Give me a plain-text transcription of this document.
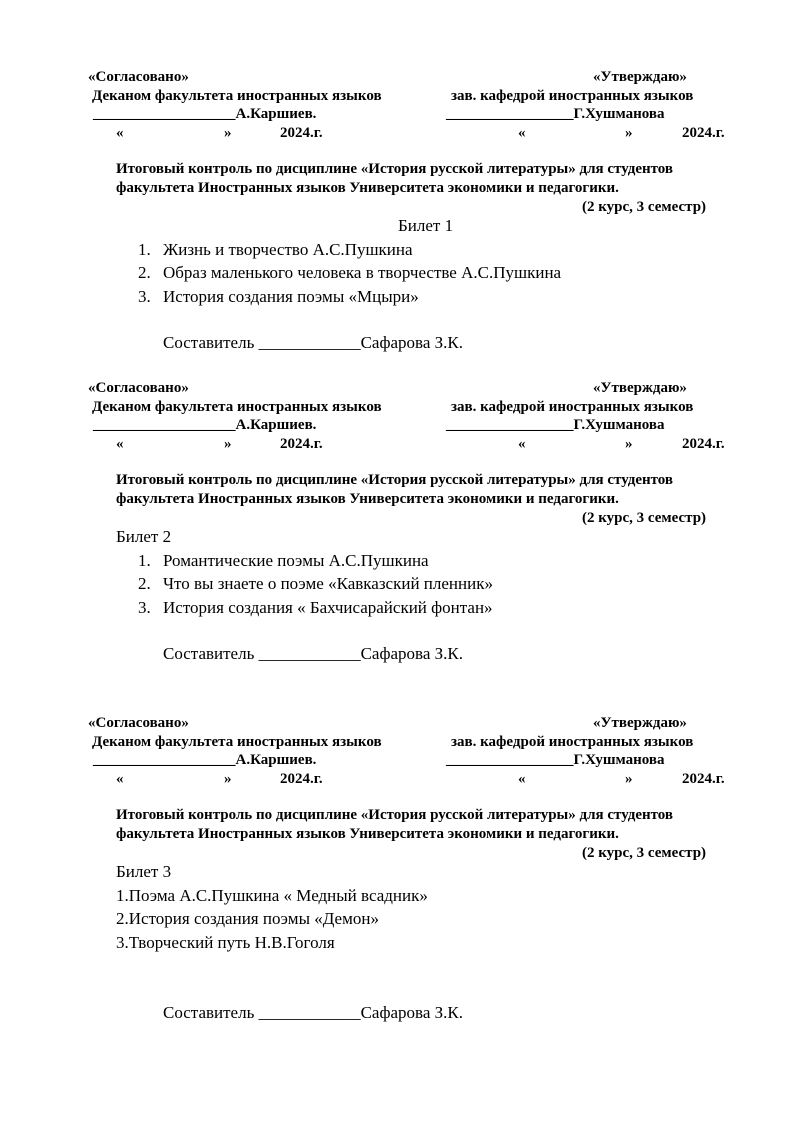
«Согласовано»	«Утверждаю»
Деканом факультета иностранных языков	зав. кафедрой иностранных языков
___________________А.Каршиев.	_________________Г.Хушманова
«	»	2024.г.	«	»	2024.г.
Итоговый контроль по дисциплине «История русской литературы» для студентов
факультета Иностранных языков Университета экономики и педагогики.
(2 курс, 3 семестр)
Билет 1
1. Жизнь и творчество А.С.Пушкина
2. Образ маленького человека в творчестве А.С.Пушкина
3. История создания поэмы «Мцыри»
Составитель ____________Сафарова З.К.
«Согласовано»	«Утверждаю»
Деканом факультета иностранных языков	зав. кафедрой иностранных языков
___________________А.Каршиев.	_________________Г.Хушманова
«	»	2024.г.	«	»	2024.г.
Итоговый контроль по дисциплине «История русской литературы» для студентов
факультета Иностранных языков Университета экономики и педагогики.
(2 курс, 3 семестр)
Билет 2
1. Романтические поэмы А.С.Пушкина
2. Что вы знаете о поэме «Кавказский пленник»
3. История создания « Бахчисарайский фонтан»
Составитель ____________Сафарова З.К.
«Согласовано»	«Утверждаю»
Деканом факультета иностранных языков	зав. кафедрой иностранных языков
___________________А.Каршиев.	_________________Г.Хушманова
«	»	2024.г.	«	»	2024.г.
Итоговый контроль по дисциплине «История русской литературы» для студентов
факультета Иностранных языков Университета экономики и педагогики.
(2 курс, 3 семестр)
Билет 3
1.Поэма А.С.Пушкина « Медный всадник»
2.История создания поэмы «Демон»
3.Творческий путь Н.В.Гоголя
Составитель ____________Сафарова З.К.
